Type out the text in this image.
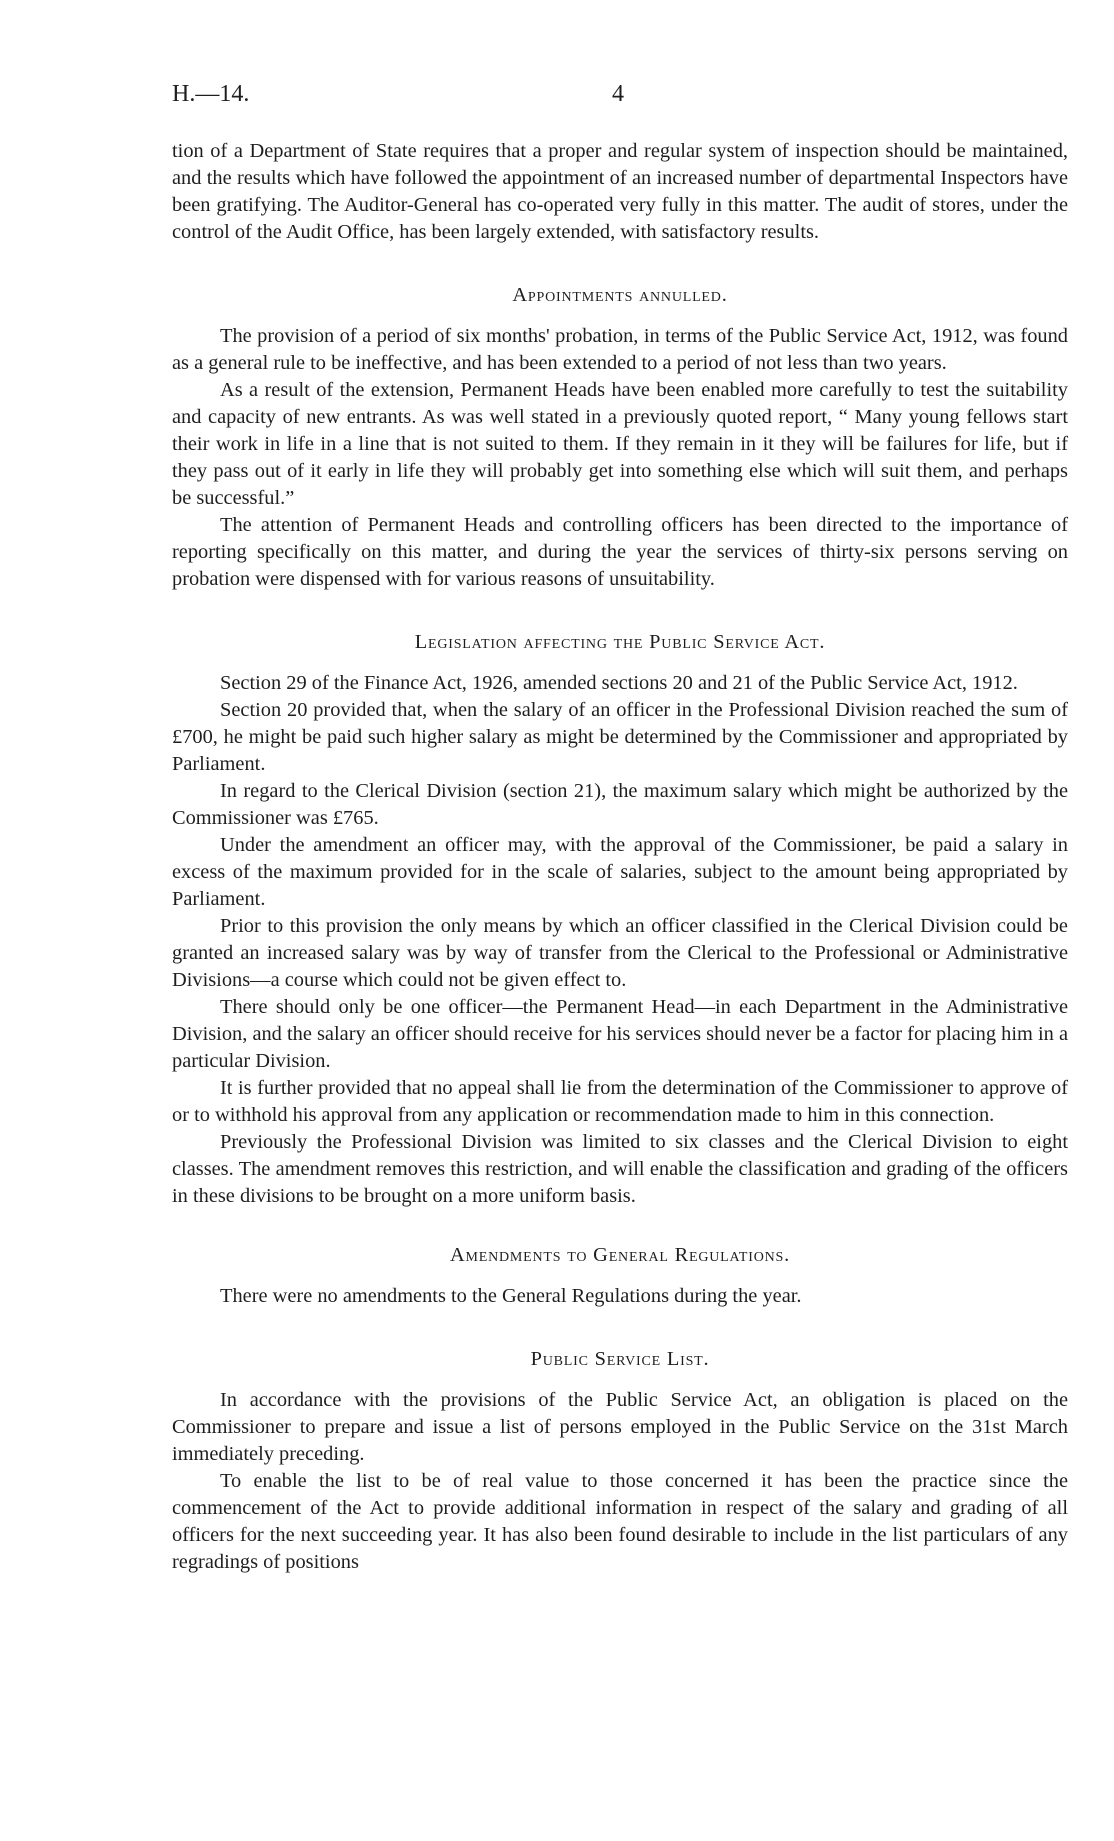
H.—14.	4

tion of a Department of State requires that a proper and regular system of inspection should be maintained, and the results which have followed the appointment of an increased number of departmental Inspectors have been gratifying. The Auditor-General has co-operated very fully in this matter. The audit of stores, under the control of the Audit Office, has been largely extended, with satisfactory results.

Appointments annulled.

The provision of a period of six months' probation, in terms of the Public Service Act, 1912, was found as a general rule to be ineffective, and has been extended to a period of not less than two years.

As a result of the extension, Permanent Heads have been enabled more carefully to test the suitability and capacity of new entrants. As was well stated in a previously quoted report, “ Many young fellows start their work in life in a line that is not suited to them. If they remain in it they will be failures for life, but if they pass out of it early in life they will probably get into something else which will suit them, and perhaps be successful.”

The attention of Permanent Heads and controlling officers has been directed to the importance of reporting specifically on this matter, and during the year the services of thirty-six persons serving on probation were dispensed with for various reasons of unsuitability.

Legislation affecting the Public Service Act.

Section 29 of the Finance Act, 1926, amended sections 20 and 21 of the Public Service Act, 1912.

Section 20 provided that, when the salary of an officer in the Professional Division reached the sum of £700, he might be paid such higher salary as might be determined by the Commissioner and appropriated by Parliament.

In regard to the Clerical Division (section 21), the maximum salary which might be authorized by the Commissioner was £765.

Under the amendment an officer may, with the approval of the Commissioner, be paid a salary in excess of the maximum provided for in the scale of salaries, subject to the amount being appropriated by Parliament.

Prior to this provision the only means by which an officer classified in the Clerical Division could be granted an increased salary was by way of transfer from the Clerical to the Professional or Administrative Divisions—a course which could not be given effect to.

There should only be one officer—the Permanent Head—in each Department in the Administrative Division, and the salary an officer should receive for his services should never be a factor for placing him in a particular Division.

It is further provided that no appeal shall lie from the determination of the Commissioner to approve of or to withhold his approval from any application or recommendation made to him in this connection.

Previously the Professional Division was limited to six classes and the Clerical Division to eight classes. The amendment removes this restriction, and will enable the classification and grading of the officers in these divisions to be brought on a more uniform basis.

Amendments to General Regulations.

There were no amendments to the General Regulations during the year.

Public Service List.

In accordance with the provisions of the Public Service Act, an obligation is placed on the Commissioner to prepare and issue a list of persons employed in the Public Service on the 31st March immediately preceding.

To enable the list to be of real value to those concerned it has been the practice since the commencement of the Act to provide additional information in respect of the salary and grading of all officers for the next succeeding year. It has also been found desirable to include in the list particulars of any regradings of positions
